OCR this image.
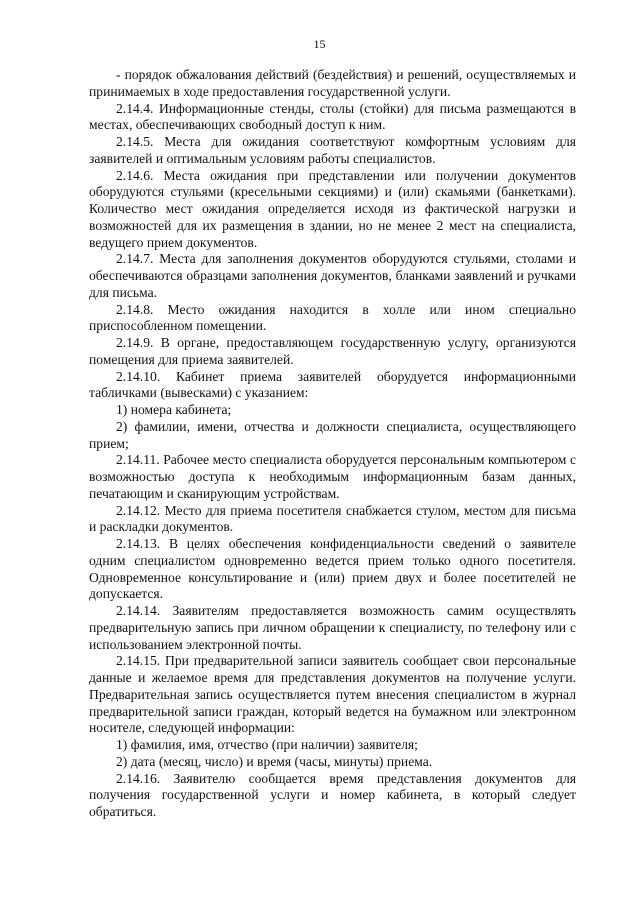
15

- порядок обжалования действий (бездействия) и решений, осуществляемых и принимаемых в ходе предоставления государственной услуги.

2.14.4. Информационные стенды, столы (стойки) для письма размещаются в местах, обеспечивающих свободный доступ к ним.

2.14.5. Места для ожидания соответствуют комфортным условиям для заявителей и оптимальным условиям работы специалистов.

2.14.6. Места ожидания при представлении или получении документов оборудуются стульями (кресельными секциями) и (или) скамьями (банкетками). Количество мест ожидания определяется исходя из фактической нагрузки и возможностей для их размещения в здании, но не менее 2 мест на специалиста, ведущего прием документов.

2.14.7. Места для заполнения документов оборудуются стульями, столами и обеспечиваются образцами заполнения документов, бланками заявлений и ручками для письма.

2.14.8. Место ожидания находится в холле или ином специально приспособленном помещении.

2.14.9. В органе, предоставляющем государственную услугу, организуются помещения для приема заявителей.

2.14.10. Кабинет приема заявителей оборудуется информационными табличками (вывесками) с указанием:

1) номера кабинета;

2) фамилии, имени, отчества и должности специалиста, осуществляющего прием;

2.14.11. Рабочее место специалиста оборудуется персональным компьютером с возможностью доступа к необходимым информационным базам данных, печатающим и сканирующим устройствам.

2.14.12. Место для приема посетителя снабжается стулом, местом для письма и раскладки документов.

2.14.13. В целях обеспечения конфиденциальности сведений о заявителе одним специалистом одновременно ведется прием только одного посетителя. Одновременное консультирование и (или) прием двух и более посетителей не допускается.

2.14.14. Заявителям предоставляется возможность самим осуществлять предварительную запись при личном обращении к специалисту, по телефону или с использованием электронной почты.

2.14.15. При предварительной записи заявитель сообщает свои персональные данные и желаемое время для представления документов на получение услуги. Предварительная запись осуществляется путем внесения специалистом в журнал предварительной записи граждан, который ведется на бумажном или электронном носителе, следующей информации:

1) фамилия, имя, отчество (при наличии) заявителя;

2) дата (месяц, число) и время (часы, минуты) приема.

2.14.16. Заявителю сообщается время представления документов для получения государственной услуги и номер кабинета, в который следует обратиться.
